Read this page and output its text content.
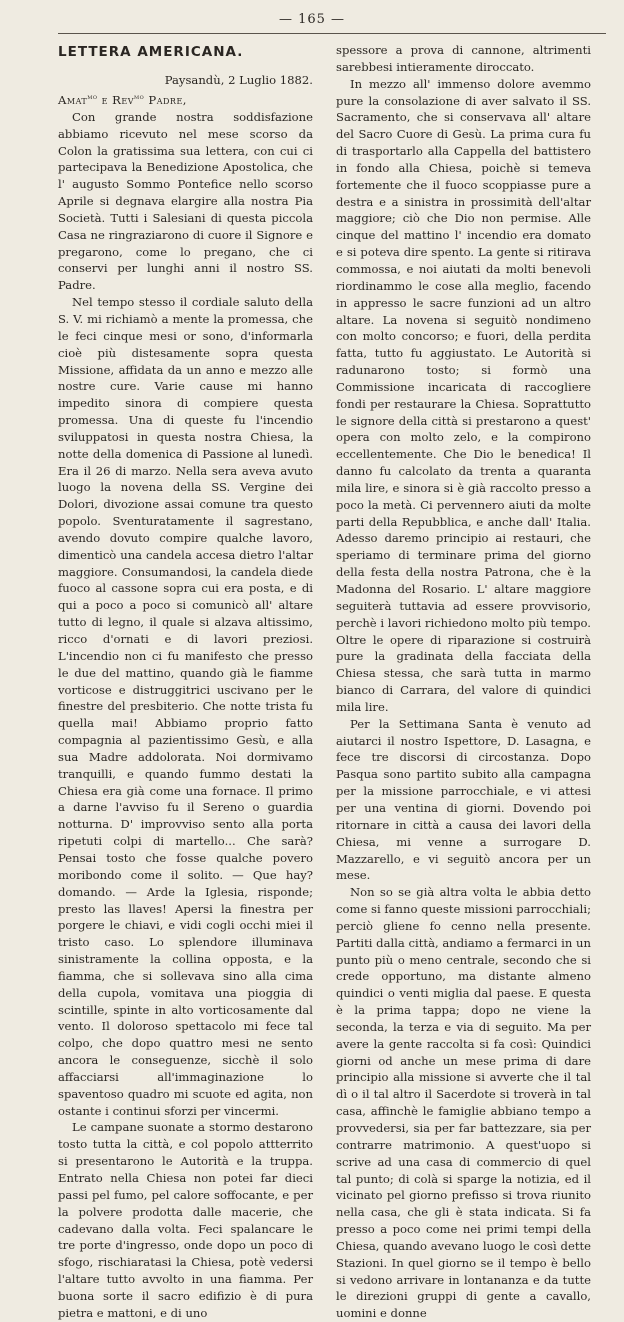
— 165 —
LETTERA AMERICANA.

Paysandù, 2 Luglio 1882.

Amat$^{mo}$ e Rev$^{mo}$ Padre,

Con grande nostra soddisfazione abbiamo ricevuto nel mese scorso da Colon la gratissima sua lettera, con cui ci partecipava la Benedizione Apostolica, che l' augusto Sommo Pontefice nello scorso Aprile si degnava elargire alla nostra Pia Società. Tutti i Salesiani di questa piccola Casa ne ringraziarono di cuore il Signore e pregarono, come lo pregano, che ci conservi per lunghi anni il nostro SS. Padre.

Nel tempo stesso il cordiale saluto della S. V. mi richiamò a mente la promessa, che le feci cinque mesi or sono, d'informarla cioè più distesamente sopra questa Missione, affidata da un anno e mezzo alle nostre cure. Varie cause mi hanno impedito sinora di compiere questa promessa. Una di queste fu l'incendio sviluppatosi in questa nostra Chiesa, la notte della domenica di Passione al lunedì. Era il 26 di marzo. Nella sera aveva avuto luogo la novena della SS. Vergine dei Dolori, divozione assai comune tra questo popolo. Sventuratamente il sagrestano, avendo dovuto compire qualche lavoro, dimenticò una candela accesa dietro l'altar maggiore. Consumandosi, la candela diede fuoco al cassone sopra cui era posta, e di qui a poco a poco si comunicò all' altare tutto di legno, il quale si alzava altissimo, ricco d'ornati e di lavori preziosi. L'incendio non ci fu manifesto che presso le due del mattino, quando già le fiamme vorticose e distruggitrici uscivano per le finestre del presbiterio. Che notte trista fu quella mai! Abbiamo proprio fatto compagnia al pazientissimo Gesù, e alla sua Madre addolorata. Noi dormivamo tranquilli, e quando fummo destati la Chiesa era già come una fornace. Il primo a darne l'avviso fu il Sereno o guardia notturna. D' improvviso sento alla porta ripetuti colpi di martello... Che sarà? Pensai tosto che fosse qualche povero moribondo come il solito. — Que hay? domando. — Arde la Iglesia, risponde; presto las llaves! Apersi la finestra per porgere le chiavi, e vidi cogli occhi miei il tristo caso. Lo splendore illuminava sinistramente la collina opposta, e la fiamma, che si sollevava sino alla cima della cupola, vomitava una pioggia di scintille, spinte in alto vorticosamente dal vento. Il doloroso spettacolo mi fece tal colpo, che dopo quattro mesi ne sento ancora le conseguenze, sicchè il solo affacciarsi all'immaginazione lo spaventoso quadro mi scuote ed agita, non ostante i continui sforzi per vincermi.

Le campane suonate a stormo destarono tosto tutta la città, e col popolo attterrito si presentarono le Autorità e la truppa. Entrato nella Chiesa non potei far dieci passi pel fumo, pel calore soffocante, e per la polvere prodotta dalle macerie, che cadevano dalla volta. Feci spalancare le tre porte d'ingresso, onde dopo un poco di sfogo, rischiaratasi la Chiesa, potè vedersi l'altare tutto avvolto in una fiamma. Per buona sorte il sacro edifizio è di pura pietra e mattoni, e di uno

spessore a prova di cannone, altrimenti sarebbesi intieramente diroccato.

In mezzo all' immenso dolore avemmo pure la consolazione di aver salvato il SS. Sacramento, che si conservava all' altare del Sacro Cuore di Gesù. La prima cura fu di trasportarlo alla Cappella del battistero in fondo alla Chiesa, poichè si temeva fortemente che il fuoco scoppiasse pure a destra e a sinistra in prossimità dell'altar maggiore; ciò che Dio non permise. Alle cinque del mattino l' incendio era domato e si poteva dire spento. La gente si ritirava commossa, e noi aiutati da molti benevoli riordinammo le cose alla meglio, facendo in appresso le sacre funzioni ad un altro altare. La novena si seguitò nondimeno con molto concorso; e fuori, della perdita fatta, tutto fu aggiustato. Le Autorità si radunarono tosto; si formò una Commissione incaricata di raccogliere fondi per restaurare la Chiesa. Soprattutto le signore della città si prestarono a quest' opera con molto zelo, e la compirono eccellentemente. Che Dio le benedica! Il danno fu calcolato da trenta a quaranta mila lire, e sinora si è già raccolto presso a poco la metà. Ci pervennero aiuti da molte parti della Repubblica, e anche dall' Italia. Adesso daremo principio ai restauri, che speriamo di terminare prima del giorno della festa della nostra Patrona, che è la Madonna del Rosario. L' altare maggiore seguiterà tuttavia ad essere provvisorio, perchè i lavori richiedono molto più tempo. Oltre le opere di riparazione si costruirà pure la gradinata della facciata della Chiesa stessa, che sarà tutta in marmo bianco di Carrara, del valore di quindici mila lire.

Per la Settimana Santa è venuto ad aiutarci il nostro Ispettore, D. Lasagna, e fece tre discorsi di circostanza. Dopo Pasqua sono partito subito alla campagna per la missione parrocchiale, e vi attesi per una ventina di giorni. Dovendo poi ritornare in città a causa dei lavori della Chiesa, mi venne a surrogare D. Mazzarello, e vi seguitò ancora per un mese.

Non so se già altra volta le abbia detto come si fanno queste missioni parrocchiali; perciò gliene fo cenno nella presente. Partiti dalla città, andiamo a fermarci in un punto più o meno centrale, secondo che si crede opportuno, ma distante almeno quindici o venti miglia dal paese. E questa è la prima tappa; dopo ne viene la seconda, la terza e via di seguito. Ma per avere la gente raccolta si fa così: Quindici giorni od anche un mese prima di dare principio alla missione si avverte che il tal dì o il tal altro il Sacerdote si troverà in tal casa, affinchè le famiglie abbiano tempo a provvedersi, sia per far battezzare, sia per contrarre matrimonio. A quest'uopo si scrive ad una casa di commercio di quel tal punto; di colà si sparge la notizia, ed il vicinato pel giorno prefisso si trova riunito nella casa, che gli è stata indicata. Si fa presso a poco come nei primi tempi della Chiesa, quando avevano luogo le così dette Stazioni. In quel giorno se il tempo è bello si vedono arrivare in lontananza e da tutte le direzioni gruppi di gente a cavallo, uomini e donne
